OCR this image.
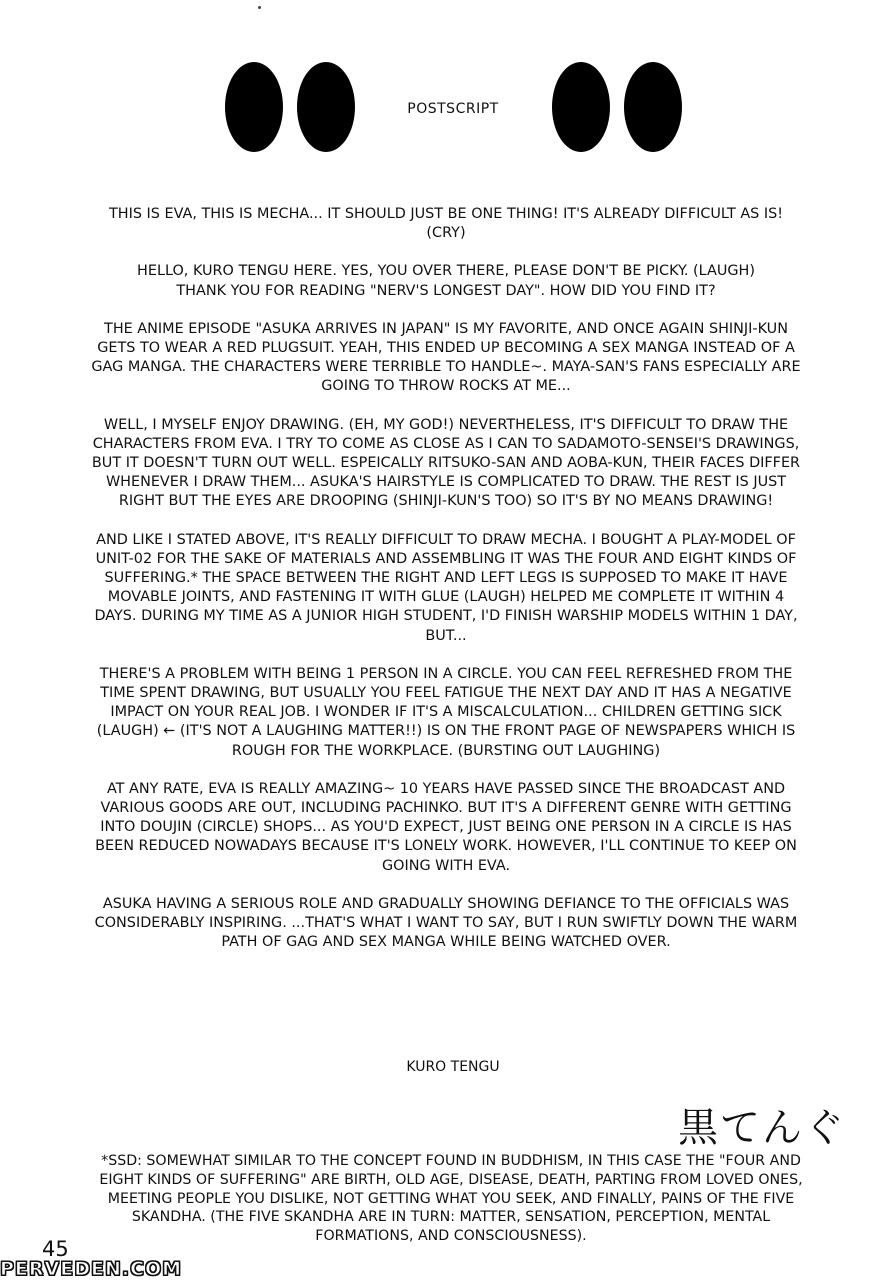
POSTSCRIPT

THIS IS EVA, THIS IS MECHA... IT SHOULD JUST BE ONE THING! IT'S ALREADY DIFFICULT AS IS! (CRY)

HELLO, KURO TENGU HERE. YES, YOU OVER THERE, PLEASE DON'T BE PICKY. (LAUGH)

THANK YOU FOR READING "NERV'S LONGEST DAY". HOW DID YOU FIND IT?

THE ANIME EPISODE "ASUKA ARRIVES IN JAPAN" IS MY FAVORITE, AND ONCE AGAIN SHINJI-KUN GETS TO WEAR A RED PLUGSUIT. YEAH, THIS ENDED UP BECOMING A SEX MANGA INSTEAD OF A GAG MANGA. THE CHARACTERS WERE TERRIBLE TO HANDLE~. MAYA-SAN'S FANS ESPECIALLY ARE GOING TO THROW ROCKS AT ME...

WELL, I MYSELF ENJOY DRAWING. (EH, MY GOD!) NEVERTHELESS, IT'S DIFFICULT TO DRAW THE CHARACTERS FROM EVA. I TRY TO COME AS CLOSE AS I CAN TO SADAMOTO-SENSEI'S DRAWINGS, BUT IT DOESN'T TURN OUT WELL. ESPEICALLY RITSUKO-SAN AND AOBA-KUN, THEIR FACES DIFFER WHENEVER I DRAW THEM... ASUKA'S HAIRSTYLE IS COMPLICATED TO DRAW. THE REST IS JUST RIGHT BUT THE EYES ARE DROOPING (SHINJI-KUN'S TOO) SO IT'S BY NO MEANS DRAWING!

AND LIKE I STATED ABOVE, IT'S REALLY DIFFICULT TO DRAW MECHA. I BOUGHT A PLAY-MODEL OF UNIT-02 FOR THE SAKE OF MATERIALS AND ASSEMBLING IT WAS THE FOUR AND EIGHT KINDS OF SUFFERING.* THE SPACE BETWEEN THE RIGHT AND LEFT LEGS IS SUPPOSED TO MAKE IT HAVE MOVABLE JOINTS, AND FASTENING IT WITH GLUE (LAUGH) HELPED ME COMPLETE IT WITHIN 4 DAYS. DURING MY TIME AS A JUNIOR HIGH STUDENT, I'D FINISH WARSHIP MODELS WITHIN 1 DAY, BUT...

THERE'S A PROBLEM WITH BEING 1 PERSON IN A CIRCLE. YOU CAN FEEL REFRESHED FROM THE TIME SPENT DRAWING, BUT USUALLY YOU FEEL FATIGUE THE NEXT DAY AND IT HAS A NEGATIVE IMPACT ON YOUR REAL JOB. I WONDER IF IT'S A MISCALCULATION... CHILDREN GETTING SICK (LAUGH) ← (IT'S NOT A LAUGHING MATTER!!) IS ON THE FRONT PAGE OF NEWSPAPERS WHICH IS ROUGH FOR THE WORKPLACE. (BURSTING OUT LAUGHING)

AT ANY RATE, EVA IS REALLY AMAZING~ 10 YEARS HAVE PASSED SINCE THE BROADCAST AND VARIOUS GOODS ARE OUT, INCLUDING PACHINKO. BUT IT'S A DIFFERENT GENRE WITH GETTING INTO DOUJIN (CIRCLE) SHOPS... AS YOU'D EXPECT, JUST BEING ONE PERSON IN A CIRCLE IS HAS BEEN REDUCED NOWADAYS BECAUSE IT'S LONELY WORK. HOWEVER, I'LL CONTINUE TO KEEP ON GOING WITH EVA.

ASUKA HAVING A SERIOUS ROLE AND GRADUALLY SHOWING DEFIANCE TO THE OFFICIALS WAS CONSIDERABLY INSPIRING. ...THAT'S WHAT I WANT TO SAY, BUT I RUN SWIFTLY DOWN THE WARM PATH OF GAG AND SEX MANGA WHILE BEING WATCHED OVER.

KURO TENGU
黒てんぐ
*SSD: SOMEWHAT SIMILAR TO THE CONCEPT FOUND IN BUDDHISM, IN THIS CASE THE "FOUR AND EIGHT KINDS OF SUFFERING" ARE BIRTH, OLD AGE, DISEASE, DEATH, PARTING FROM LOVED ONES, MEETING PEOPLE YOU DISLIKE, NOT GETTING WHAT YOU SEEK, AND FINALLY, PAINS OF THE FIVE SKANDHA. (THE FIVE SKANDHA ARE IN TURN: MATTER, SENSATION, PERCEPTION, MENTAL FORMATIONS, AND CONSCIOUSNESS).
45
PERVEDEN.COM
